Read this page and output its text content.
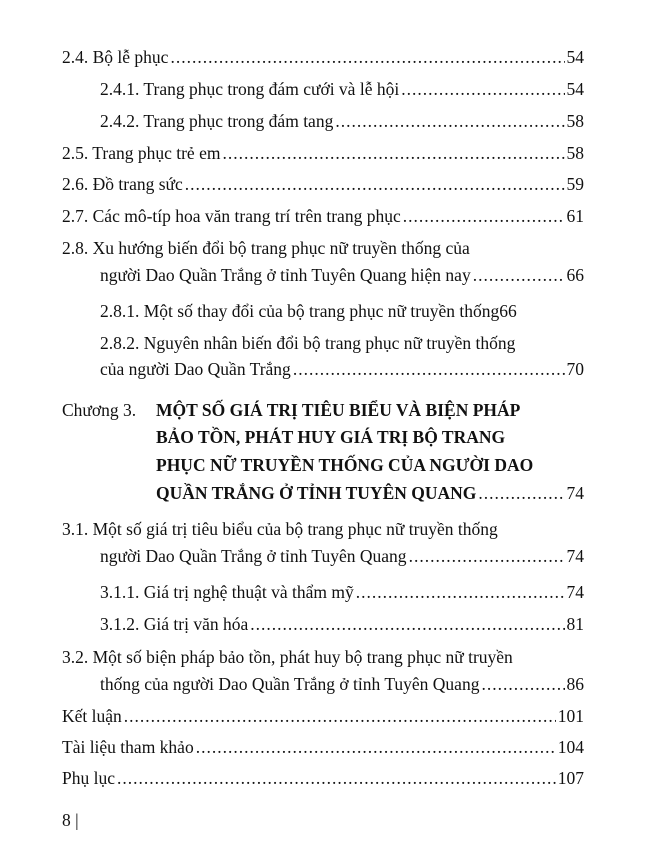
2.4. Bộ lễ phục .....	54
2.4.1. Trang phục trong đám cưới và lễ hội .....	54
2.4.2. Trang phục trong đám tang .....	58
2.5. Trang phục trẻ em .....	58
2.6. Đồ trang sức .....	59
2.7. Các mô-típ hoa văn trang trí trên trang phục .....	61
2.8. Xu hướng biến đổi bộ trang phục nữ truyền thống của
người Dao Quần Trắng ở tỉnh Tuyên Quang hiện nay .....	66
2.8.1. Một số thay đổi của bộ trang phục nữ truyền thống 66
2.8.2. Nguyên nhân biến đổi bộ trang phục nữ truyền thống
của người Dao Quần Trắng .....	70
Chương 3. MỘT SỐ GIÁ TRỊ TIÊU BIỂU VÀ BIỆN PHÁP
BẢO TỒN, PHÁT HUY GIÁ TRỊ BỘ TRANG
PHỤC NỮ TRUYỀN THỐNG CỦA NGƯỜI DAO
QUẦN TRẮNG Ở TỈNH TUYÊN QUANG .....	74
3.1. Một số giá trị tiêu biểu của bộ trang phục nữ truyền thống
người Dao Quần Trắng ở tỉnh Tuyên Quang .....	74
3.1.1. Giá trị nghệ thuật và thẩm mỹ .....	74
3.1.2. Giá trị văn hóa .....	81
3.2. Một số biện pháp bảo tồn, phát huy bộ trang phục nữ truyền
thống của người Dao Quần Trắng ở tỉnh Tuyên Quang .....	86
Kết luận .....	101
Tài liệu tham khảo .....	104
Phụ lục .....	107
8 |
